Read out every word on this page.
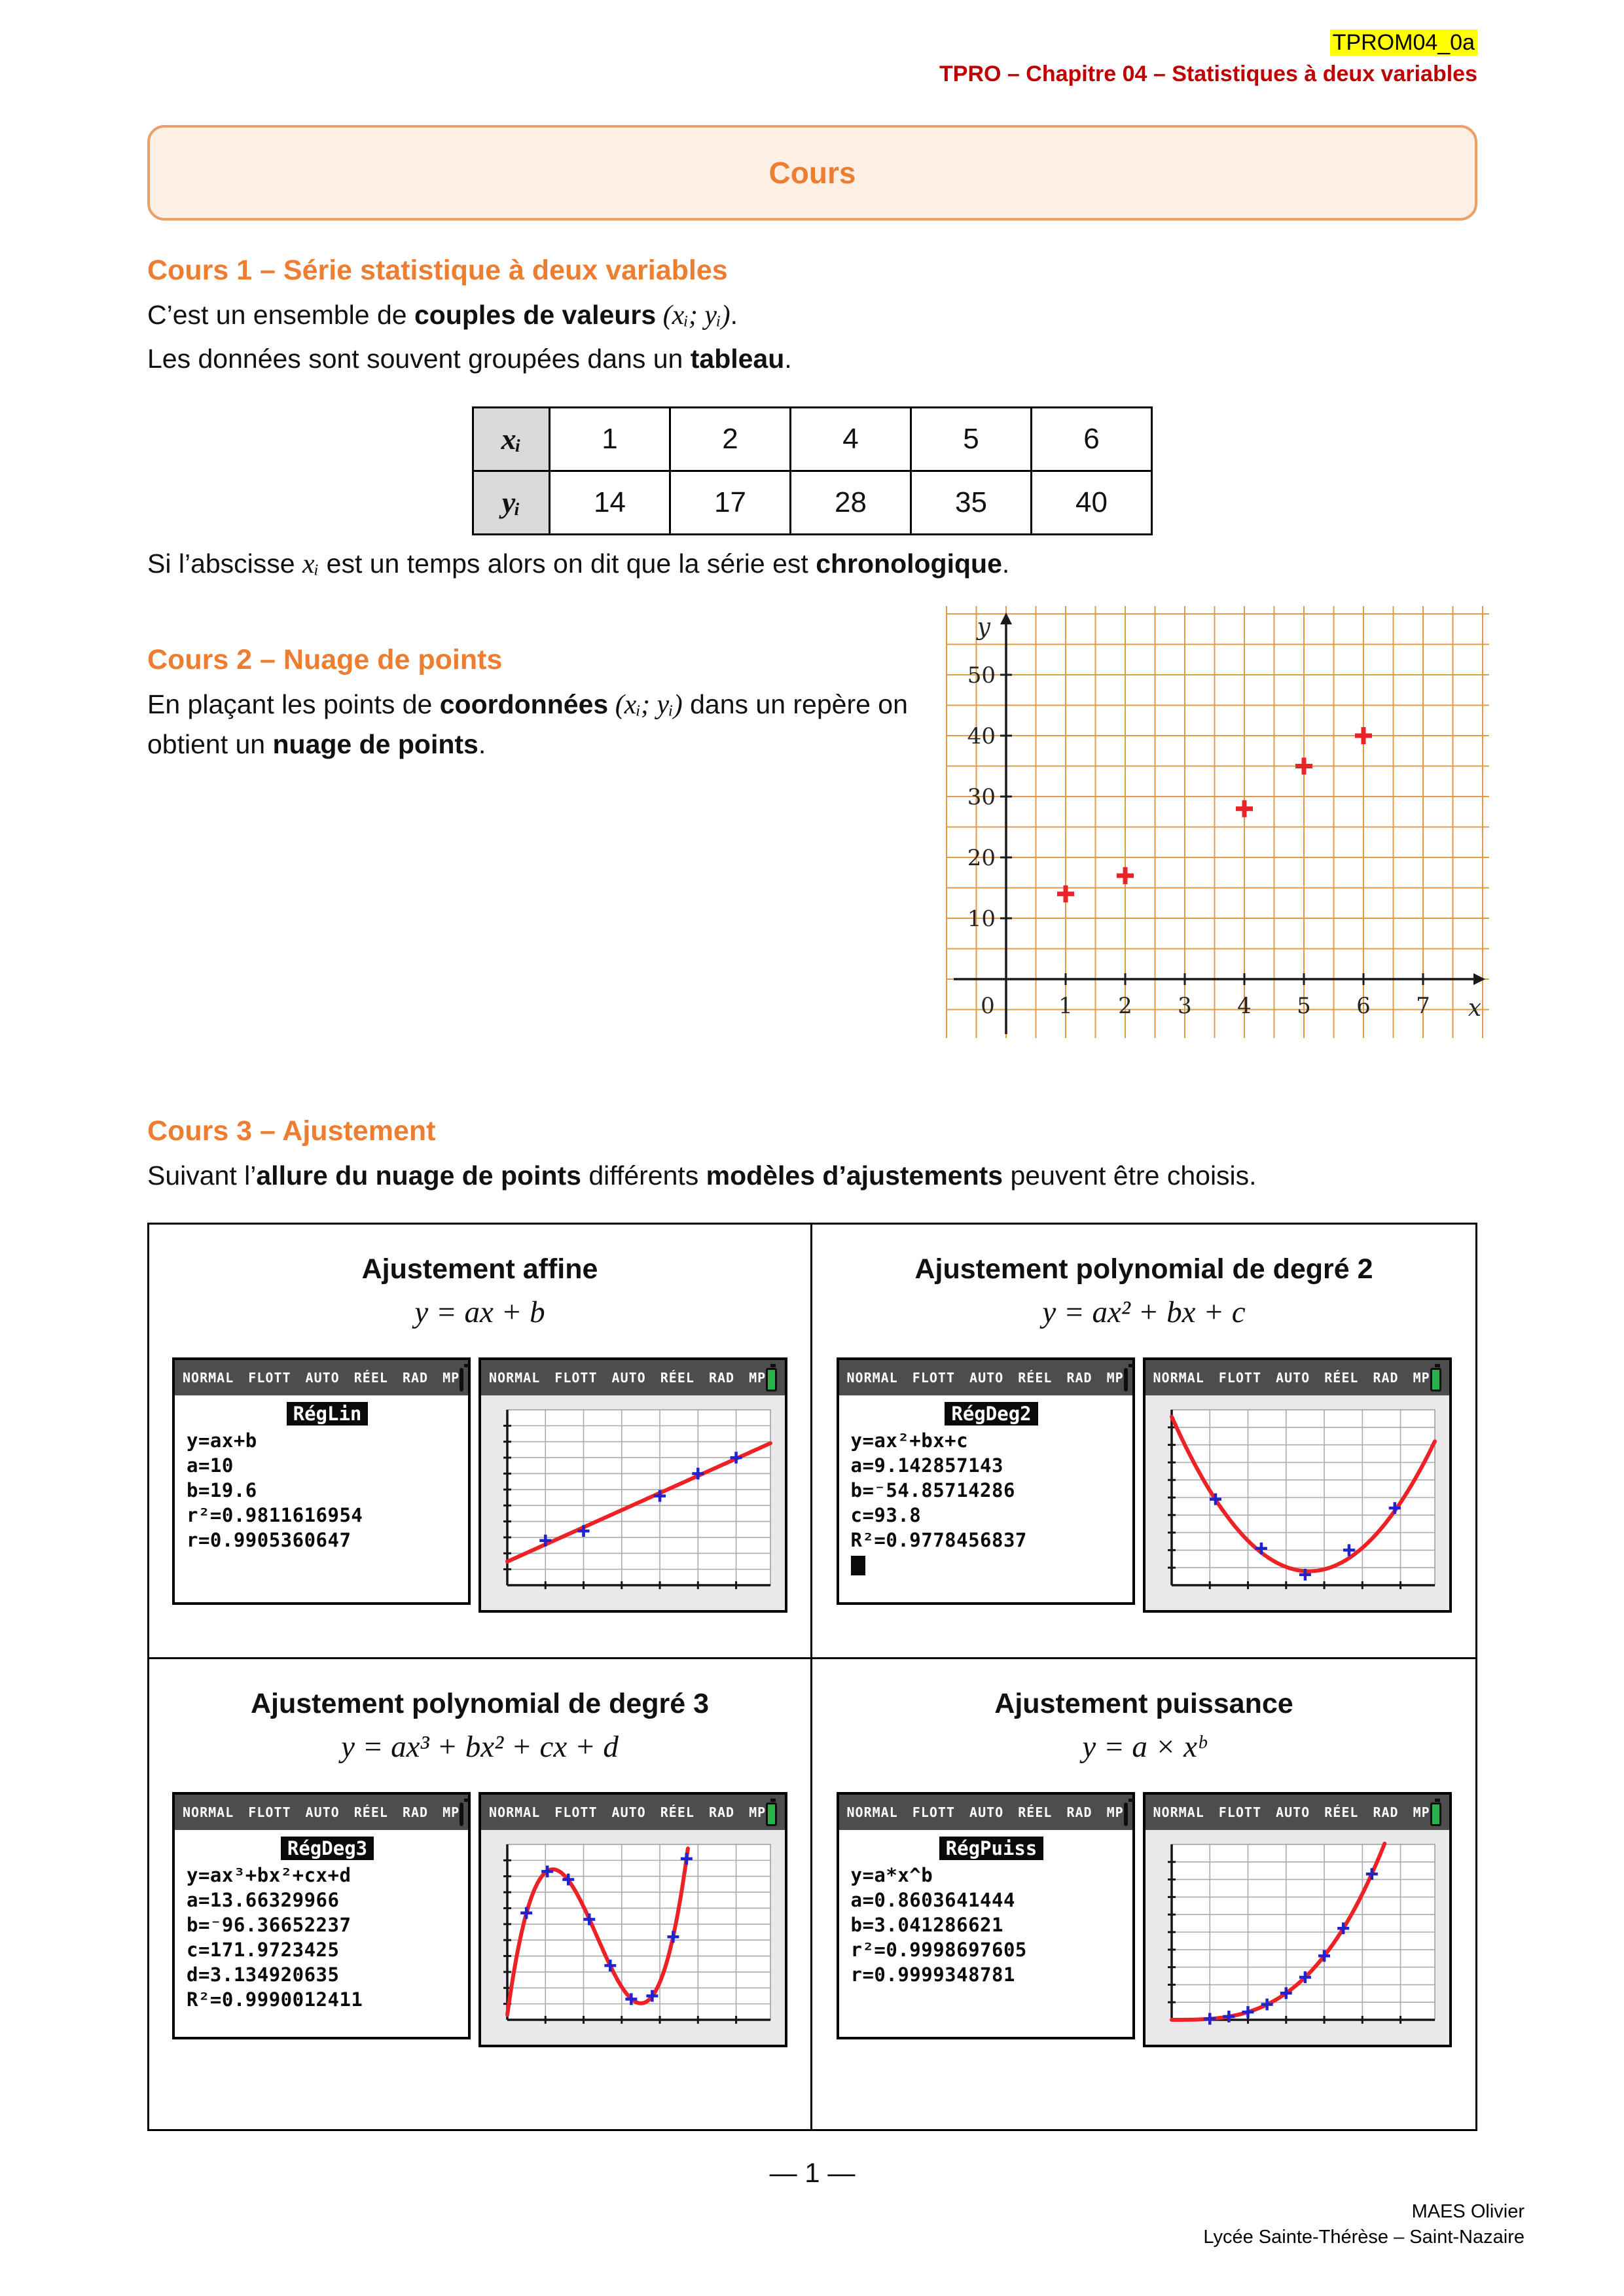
TPROM04_0a
TPRO – Chapitre 04 – Statistiques à deux variables
Cours
Cours 1 – Série statistique à deux variables

C’est un ensemble de couples de valeurs (xᵢ; yᵢ).

Les données sont souvent groupées dans un tableau.

xᵢ	1	2	4	5	6
yᵢ	14	17	28	35	40

Si l’abscisse xᵢ est un temps alors on dit que la série est chronologique.

Cours 2 – Nuage de points

En plaçant les points de coordonnées (xᵢ; yᵢ) dans un repère on obtient un nuage de points.

1 2 3 4 5 6 7
0
10
20
30
40
50
y
x
Cours 3 – Ajustement

Suivant l’allure du nuage de points différents modèles d’ajustements peuvent être choisis.

Ajustement affine
y = ax + b
NORMAL FLOTT AUTO RÉEL RAD MP
RégLin
y=ax+b
a=10
b=19.6
r²=0.9811616954
r=0.9905360647
NORMAL FLOTT AUTO RÉEL RAD MP
Ajustement polynomial de degré 2
y = ax² + bx + c
NORMAL FLOTT AUTO RÉEL RAD MP
RégDeg2
y=ax²+bx+c
a=9.142857143
b=⁻54.85714286
c=93.8
R²=0.9778456837
NORMAL FLOTT AUTO RÉEL RAD MP
Ajustement polynomial de degré 3
y = ax³ + bx² + cx + d
NORMAL FLOTT AUTO RÉEL RAD MP
RégDeg3
y=ax³+bx²+cx+d
a=13.66329966
b=⁻96.36652237
c=171.9723425
d=3.134920635
R²=0.9990012411
NORMAL FLOTT AUTO RÉEL RAD MP
Ajustement puissance
y = a × xᵇ
NORMAL FLOTT AUTO RÉEL RAD MP
RégPuiss
y=a*x^b
a=0.8603641444
b=3.041286621
r²=0.9998697605
r=0.9999348781
NORMAL FLOTT AUTO RÉEL RAD MP
— 1 —
MAES Olivier
Lycée Sainte-Thérèse – Saint-Nazaire
